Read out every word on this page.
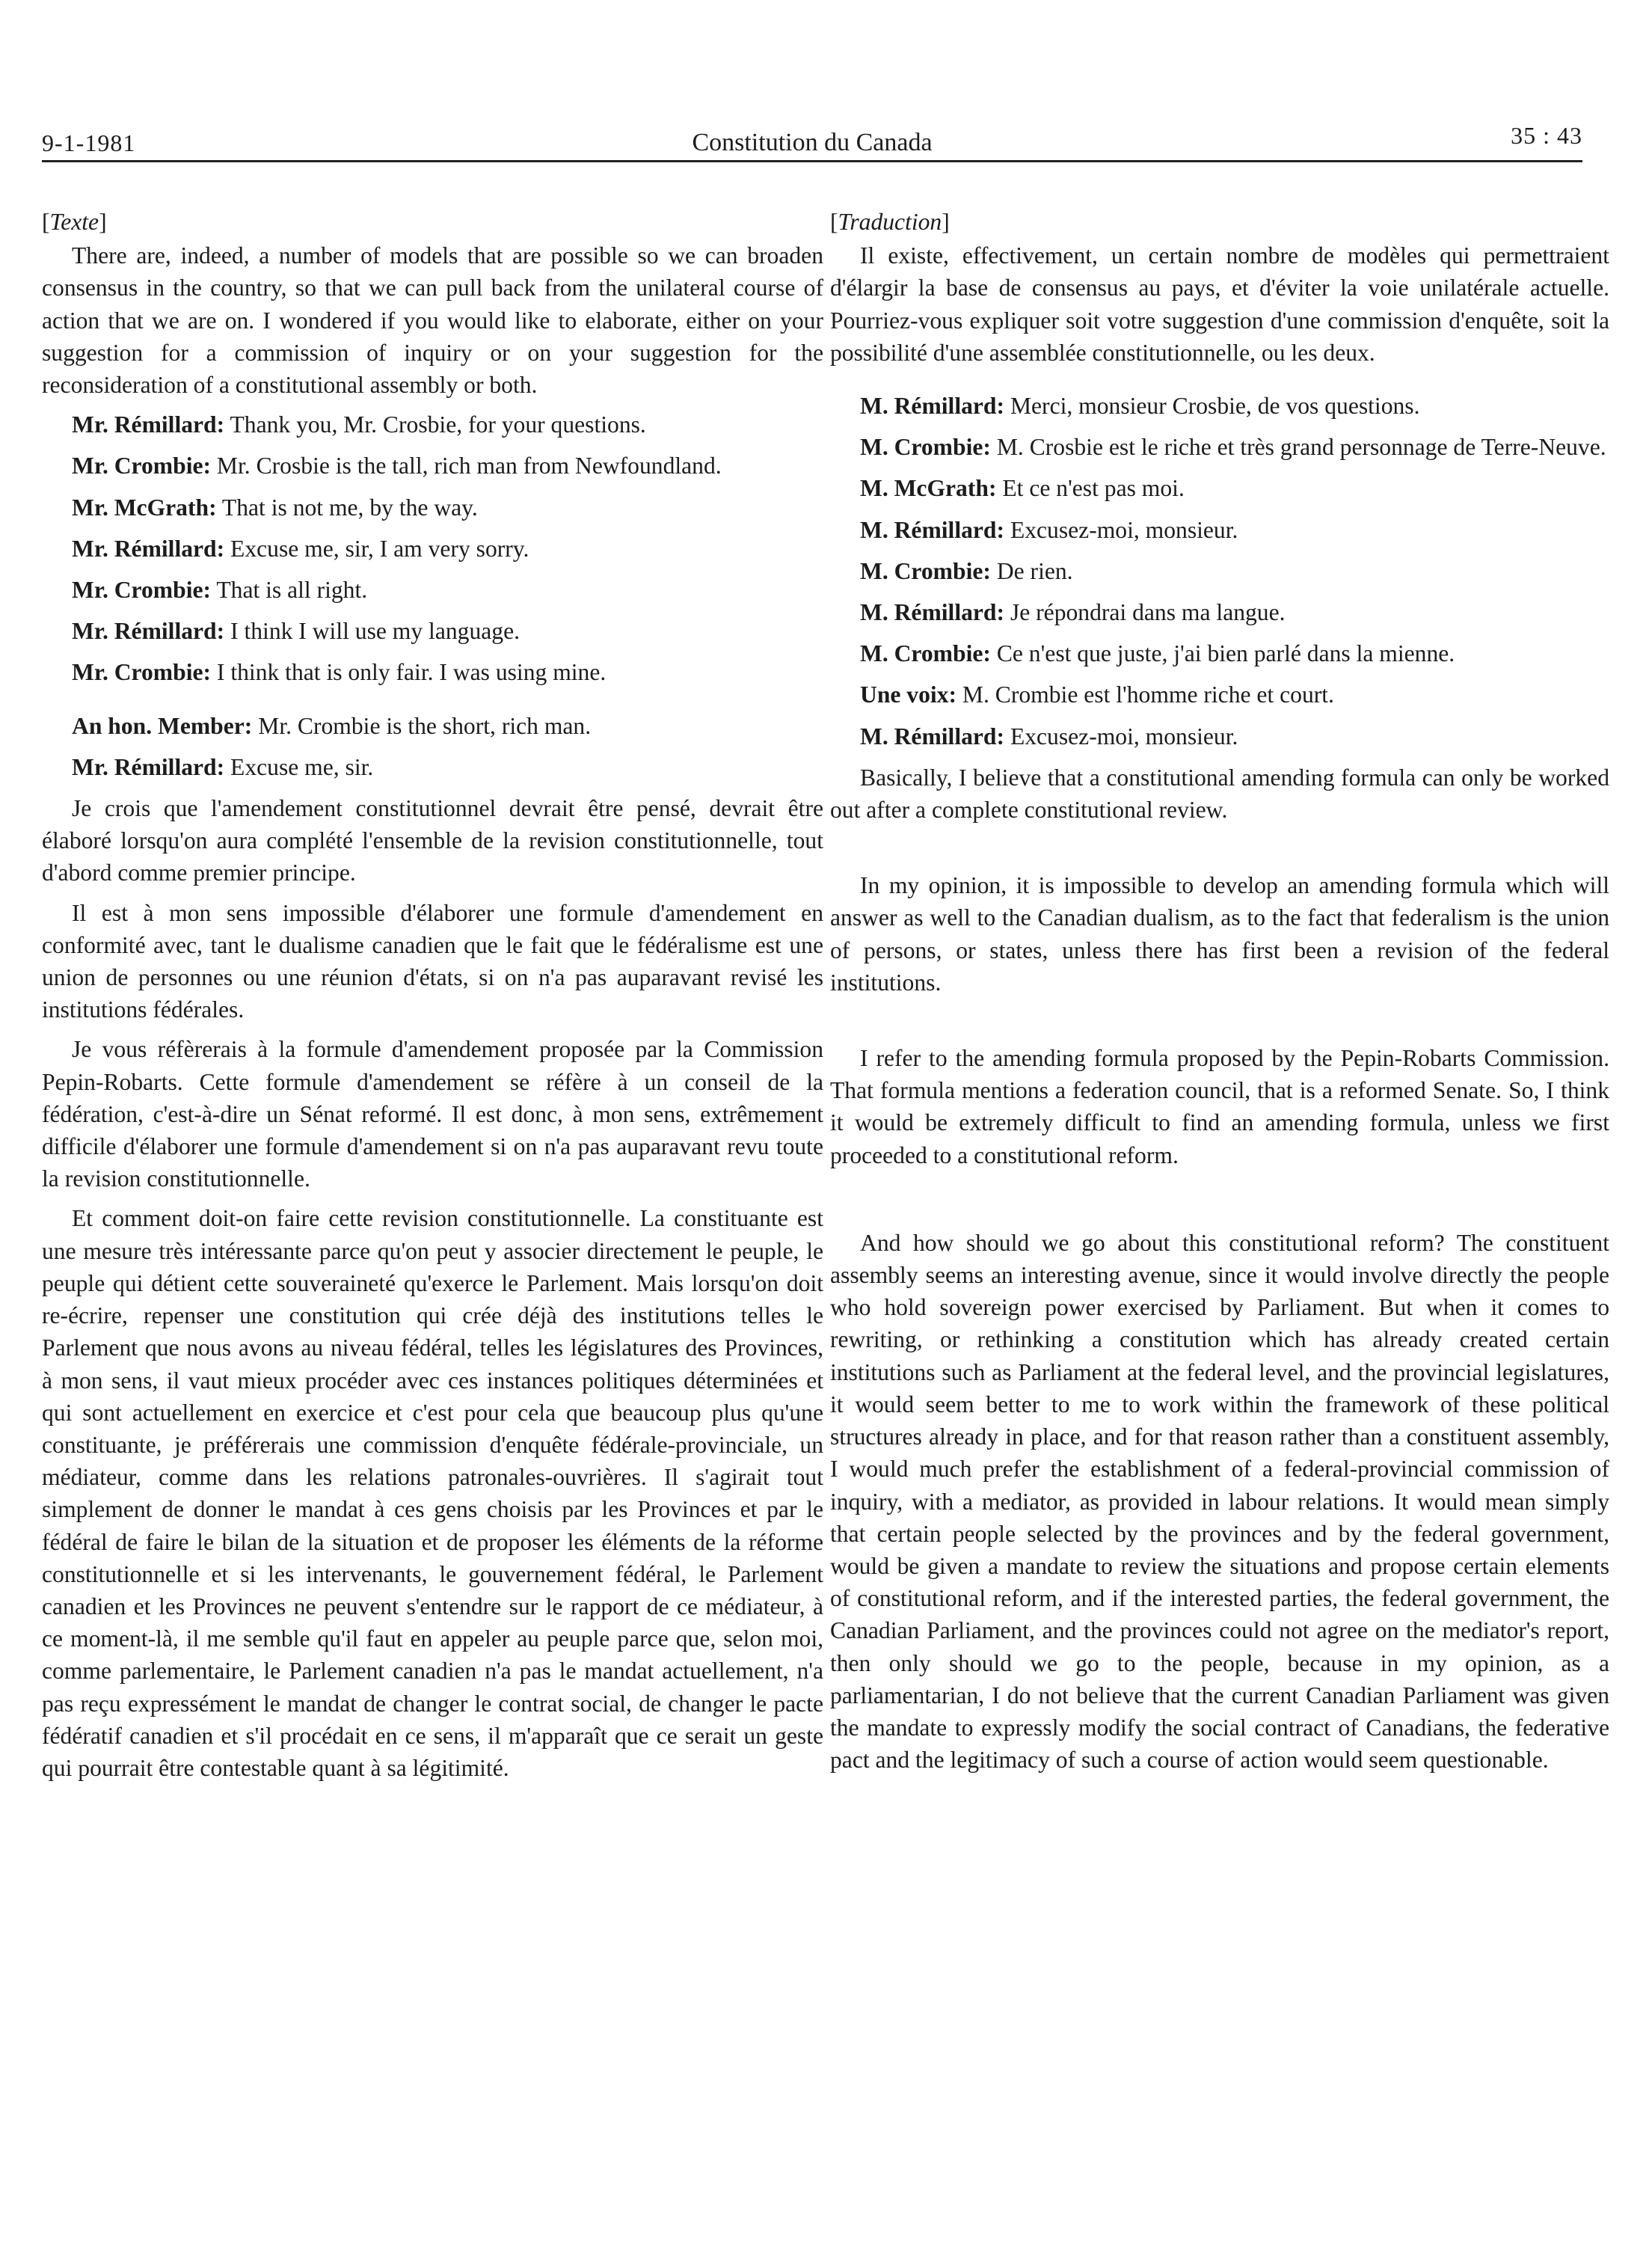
9-1-1981	Constitution du Canada	35 : 43
[Texte]

There are, indeed, a number of models that are possible so we can broaden consensus in the country, so that we can pull back from the unilateral course of action that we are on. I wondered if you would like to elaborate, either on your suggestion for a commission of inquiry or on your suggestion for the reconsideration of a constitutional assembly or both.

Mr. Rémillard: Thank you, Mr. Crosbie, for your questions.

Mr. Crombie: Mr. Crosbie is the tall, rich man from Newfoundland.

Mr. McGrath: That is not me, by the way.

Mr. Rémillard: Excuse me, sir, I am very sorry.

Mr. Crombie: That is all right.

Mr. Rémillard: I think I will use my language.

Mr. Crombie: I think that is only fair. I was using mine.

An hon. Member: Mr. Crombie is the short, rich man.

Mr. Rémillard: Excuse me, sir.

Je crois que l'amendement constitutionnel devrait être pensé, devrait être élaboré lorsqu'on aura complété l'ensemble de la revision constitutionnelle, tout d'abord comme premier principe.

Il est à mon sens impossible d'élaborer une formule d'amendement en conformité avec, tant le dualisme canadien que le fait que le fédéralisme est une union de personnes ou une réunion d'états, si on n'a pas auparavant revisé les institutions fédérales.

Je vous réfèrerais à la formule d'amendement proposée par la Commission Pepin-Robarts. Cette formule d'amendement se réfère à un conseil de la fédération, c'est-à-dire un Sénat reformé. Il est donc, à mon sens, extrêmement difficile d'élaborer une formule d'amendement si on n'a pas auparavant revu toute la revision constitutionnelle.

Et comment doit-on faire cette revision constitutionnelle. La constituante est une mesure très intéressante parce qu'on peut y associer directement le peuple, le peuple qui détient cette souveraineté qu'exerce le Parlement. Mais lorsqu'on doit re-écrire, repenser une constitution qui crée déjà des institutions telles le Parlement que nous avons au niveau fédéral, telles les législatures des Provinces, à mon sens, il vaut mieux procéder avec ces instances politiques déterminées et qui sont actuellement en exercice et c'est pour cela que beaucoup plus qu'une constituante, je préférerais une commission d'enquête fédérale-provinciale, un médiateur, comme dans les relations patronales-ouvrières. Il s'agirait tout simplement de donner le mandat à ces gens choisis par les Provinces et par le fédéral de faire le bilan de la situation et de proposer les éléments de la réforme constitutionnelle et si les intervenants, le gouvernement fédéral, le Parlement canadien et les Provinces ne peuvent s'entendre sur le rapport de ce médiateur, à ce moment-là, il me semble qu'il faut en appeler au peuple parce que, selon moi, comme parlementaire, le Parlement canadien n'a pas le mandat actuellement, n'a pas reçu expressément le mandat de changer le contrat social, de changer le pacte fédératif canadien et s'il procédait en ce sens, il m'apparaît que ce serait un geste qui pourrait être contestable quant à sa légitimité.

[Traduction]

Il existe, effectivement, un certain nombre de modèles qui permettraient d'élargir la base de consensus au pays, et d'éviter la voie unilatérale actuelle. Pourriez-vous expliquer soit votre suggestion d'une commission d'enquête, soit la possibilité d'une assemblée constitutionnelle, ou les deux.

M. Rémillard: Merci, monsieur Crosbie, de vos questions.

M. Crombie: M. Crosbie est le riche et très grand personnage de Terre-Neuve.

M. McGrath: Et ce n'est pas moi.

M. Rémillard: Excusez-moi, monsieur.

M. Crombie: De rien.

M. Rémillard: Je répondrai dans ma langue.

M. Crombie: Ce n'est que juste, j'ai bien parlé dans la mienne.

Une voix: M. Crombie est l'homme riche et court.

M. Rémillard: Excusez-moi, monsieur.

Basically, I believe that a constitutional amending formula can only be worked out after a complete constitutional review.

In my opinion, it is impossible to develop an amending formula which will answer as well to the Canadian dualism, as to the fact that federalism is the union of persons, or states, unless there has first been a revision of the federal institutions.

I refer to the amending formula proposed by the Pepin-Robarts Commission. That formula mentions a federation council, that is a reformed Senate. So, I think it would be extremely difficult to find an amending formula, unless we first proceeded to a constitutional reform.

And how should we go about this constitutional reform? The constituent assembly seems an interesting avenue, since it would involve directly the people who hold sovereign power exercised by Parliament. But when it comes to rewriting, or rethinking a constitution which has already created certain institutions such as Parliament at the federal level, and the provincial legislatures, it would seem better to me to work within the framework of these political structures already in place, and for that reason rather than a constituent assembly, I would much prefer the establishment of a federal-provincial commission of inquiry, with a mediator, as provided in labour relations. It would mean simply that certain people selected by the provinces and by the federal government, would be given a mandate to review the situations and propose certain elements of constitutional reform, and if the interested parties, the federal government, the Canadian Parliament, and the provinces could not agree on the mediator's report, then only should we go to the people, because in my opinion, as a parliamentarian, I do not believe that the current Canadian Parliament was given the mandate to expressly modify the social contract of Canadians, the federative pact and the legitimacy of such a course of action would seem questionable.
